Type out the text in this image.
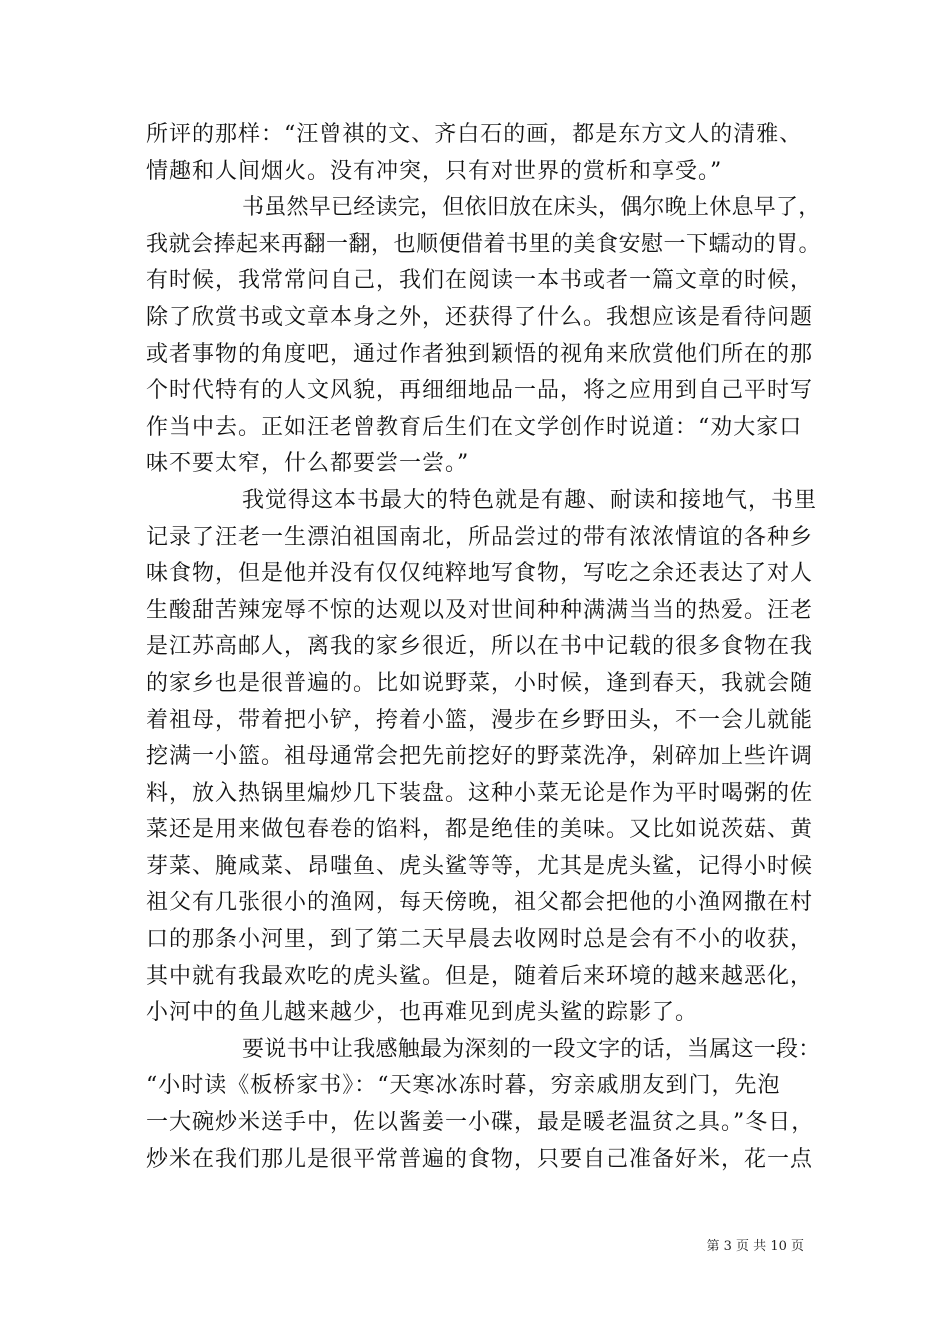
所评的那样：“汪曾祺的文、齐白石的画，都是东方文人的清雅、
情趣和人间烟火。没有冲突，只有对世界的赏析和享受。”
书虽然早已经读完，但依旧放在床头，偶尔晚上休息早了，
我就会捧起来再翻一翻，也顺便借着书里的美食安慰一下蠕动的胃。
有时候，我常常问自己，我们在阅读一本书或者一篇文章的时候，
除了欣赏书或文章本身之外，还获得了什么。我想应该是看待问题
或者事物的角度吧，通过作者独到颖悟的视角来欣赏他们所在的那
个时代特有的人文风貌，再细细地品一品，将之应用到自己平时写
作当中去。正如汪老曾教育后生们在文学创作时说道：“劝大家口
味不要太窄，什么都要尝一尝。”
我觉得这本书最大的特色就是有趣、耐读和接地气，书里
记录了汪老一生漂泊祖国南北，所品尝过的带有浓浓情谊的各种乡
味食物，但是他并没有仅仅纯粹地写食物，写吃之余还表达了对人
生酸甜苦辣宠辱不惊的达观以及对世间种种满满当当的热爱。汪老
是江苏高邮人，离我的家乡很近，所以在书中记载的很多食物在我
的家乡也是很普遍的。比如说野菜，小时候，逢到春天，我就会随
着祖母，带着把小铲，挎着小篮，漫步在乡野田头，不一会儿就能
挖满一小篮。祖母通常会把先前挖好的野菜洗净，剁碎加上些许调
料，放入热锅里煸炒几下装盘。这种小菜无论是作为平时喝粥的佐
菜还是用来做包春卷的馅料，都是绝佳的美味。又比如说茨菇、黄
芽菜、腌咸菜、昂嗤鱼、虎头鲨等等，尤其是虎头鲨，记得小时候
祖父有几张很小的渔网，每天傍晚，祖父都会把他的小渔网撒在村
口的那条小河里，到了第二天早晨去收网时总是会有不小的收获，
其中就有我最欢吃的虎头鲨。但是，随着后来环境的越来越恶化，
小河中的鱼儿越来越少，也再难见到虎头鲨的踪影了。
要说书中让我感触最为深刻的一段文字的话，当属这一段：
“小时读《板桥家书》：“天寒冰冻时暮，穷亲戚朋友到门，先泡
一大碗炒米送手中，佐以酱姜一小碟，最是暖老温贫之具。”冬日，
炒米在我们那儿是很平常普遍的食物，只要自己准备好米，花一点
第 3 页 共 10 页
